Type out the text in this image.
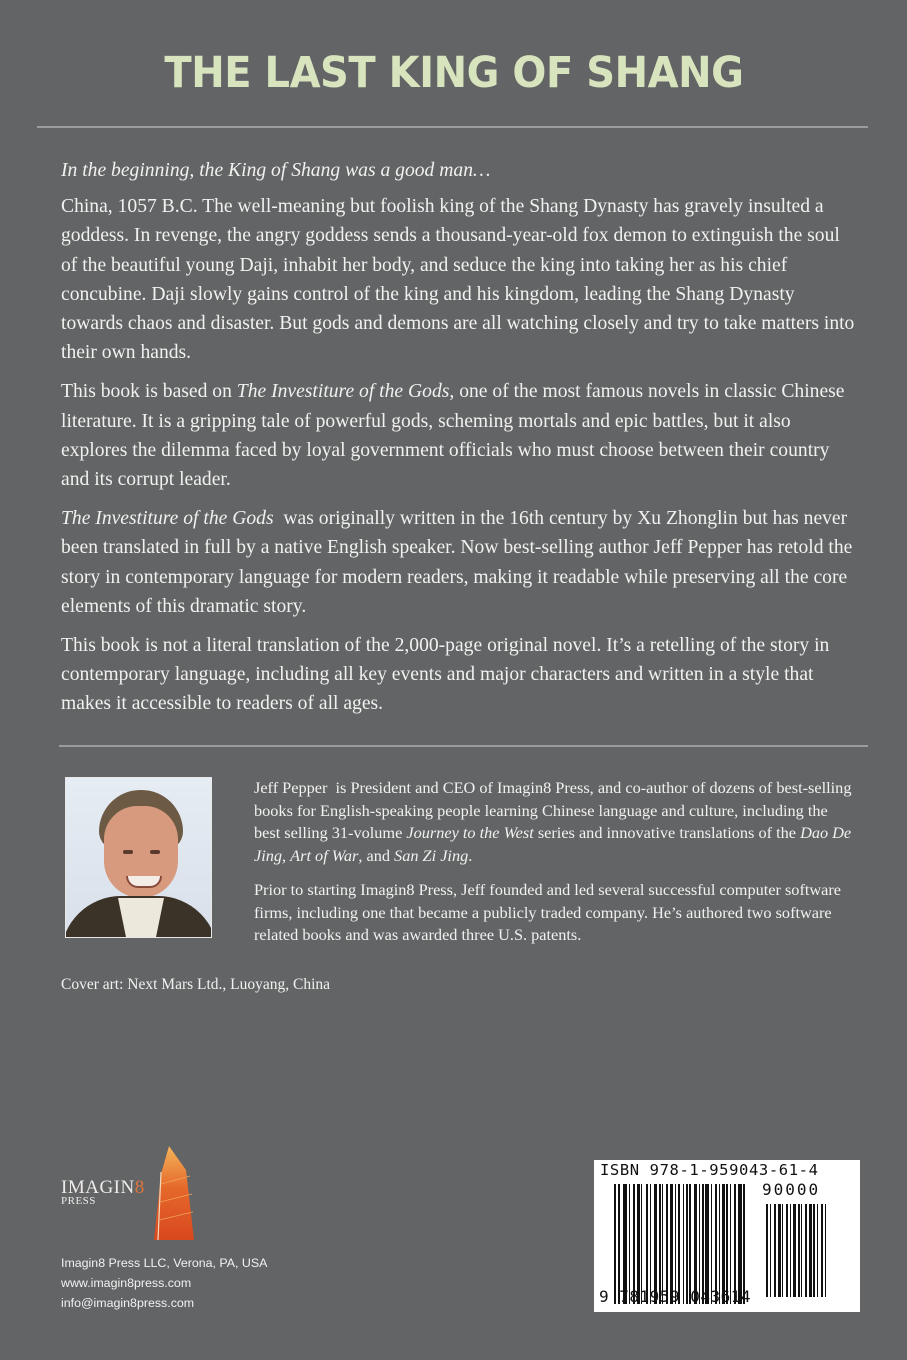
THE LAST KING OF SHANG

In the beginning, the King of Shang was a good man…

China, 1057 B.C. The well-meaning but foolish king of the Shang Dynasty has gravely insulted a goddess. In revenge, the angry goddess sends a thousand-year-old fox demon to extinguish the soul of the beautiful young Daji, inhabit her body, and seduce the king into taking her as his chief concubine. Daji slowly gains control of the king and his kingdom, leading the Shang Dynasty towards chaos and disaster. But gods and demons are all watching closely and try to take matters into their own hands.

This book is based on The Investiture of the Gods, one of the most famous novels in classic Chinese literature. It is a gripping tale of powerful gods, scheming mortals and epic battles, but it also explores the dilemma faced by loyal government officials who must choose between their country and its corrupt leader.

The Investiture of the Gods  was originally written in the 16th century by Xu Zhonglin but has never been translated in full by a native English speaker. Now best-selling author Jeff Pepper has retold the story in contemporary language for modern readers, making it readable while preserving all the core elements of this dramatic story.

This book is not a literal translation of the 2,000-page original novel. It’s a retelling of the story in contemporary language, including all key events and major characters and written in a style that makes it accessible to readers of all ages.

Jeff Pepper  is President and CEO of Imagin8 Press, and co-author of dozens of best-selling books for English-speaking people learning Chinese language and culture, including the best selling 31-volume Journey to the West series and innovative translations of the Dao De Jing, Art of War, and San Zi Jing.

Prior to starting Imagin8 Press, Jeff founded and led several successful computer software firms, including one that became a publicly traded company. He’s authored two software related books and was awarded three U.S. patents.

Cover art: Next Mars Ltd., Luoyang, China
IMAGIN8
PRESS
Imagin8 Press LLC, Verona, PA, USA
www.imagin8press.com
info@imagin8press.com
ISBN 978-1-959043-61-4
90000
9 781959 043614
